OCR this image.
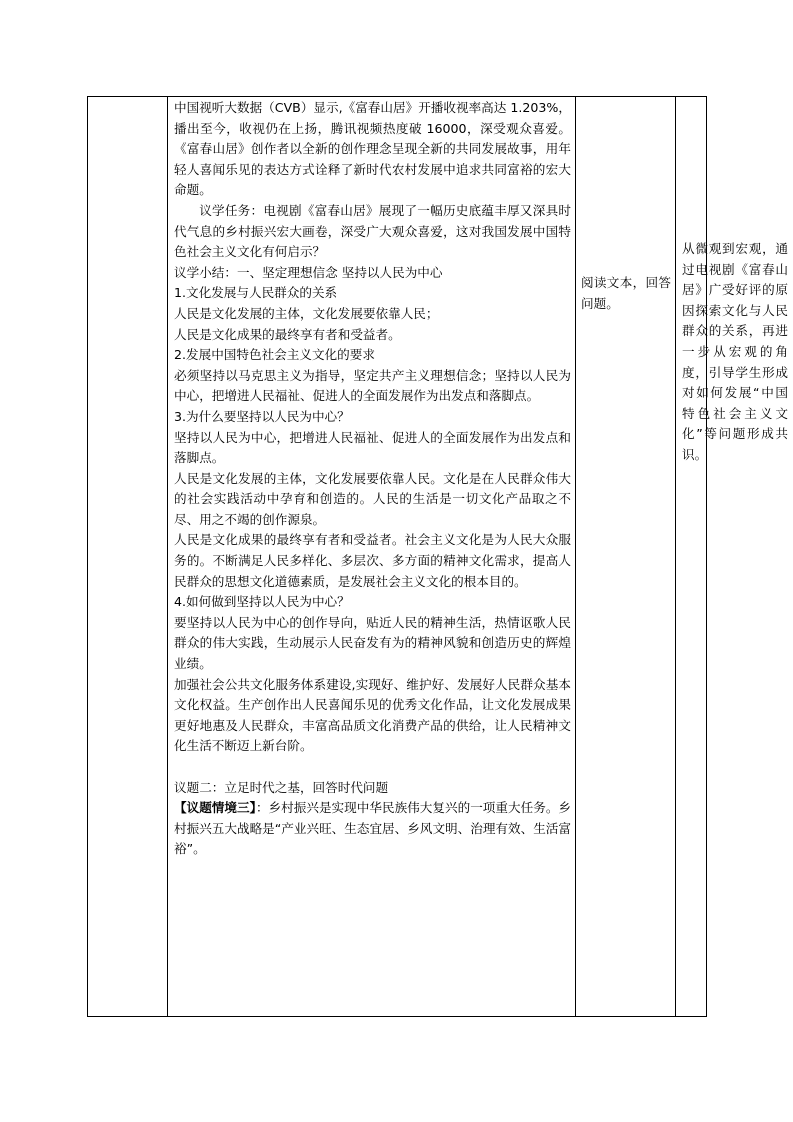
中国视听大数据（CVB）显示,《富春山居》开播收视率高达 1.203%，播出至今，收视仍在上扬，腾讯视频热度破 16000，深受观众喜爱。《富春山居》创作者以全新的创作理念呈现全新的共同发展故事，用年轻人喜闻乐见的表达方式诠释了新时代农村发展中追求共同富裕的宏大命题。

议学任务：电视剧《富春山居》展现了一幅历史底蕴丰厚又深具时代气息的乡村振兴宏大画卷，深受广大观众喜爱，这对我国发展中国特色社会主义文化有何启示？

议学小结：一、坚定理想信念 坚持以人民为中心

1.文化发展与人民群众的关系

人民是文化发展的主体，文化发展要依靠人民；

人民是文化成果的最终享有者和受益者。

2.发展中国特色社会主义文化的要求

必须坚持以马克思主义为指导，坚定共产主义理想信念；坚持以人民为中心，把增进人民福祉、促进人的全面发展作为出发点和落脚点。

3.为什么要坚持以人民为中心？

坚持以人民为中心，把增进人民福祉、促进人的全面发展作为出发点和落脚点。

人民是文化发展的主体，文化发展要依靠人民。文化是在人民群众伟大的社会实践活动中孕育和创造的。人民的生活是一切文化产品取之不尽、用之不竭的创作源泉。

人民是文化成果的最终享有者和受益者。社会主义文化是为人民大众服务的。不断满足人民多样化、多层次、多方面的精神文化需求，提高人民群众的思想文化道德素质，是发展社会主义文化的根本目的。

4.如何做到坚持以人民为中心？

要坚持以人民为中心的创作导向，贴近人民的精神生活，热情讴歌人民群众的伟大实践，生动展示人民奋发有为的精神风貌和创造历史的辉煌业绩。

加强社会公共文化服务体系建设,实现好、维护好、发展好人民群众基本文化权益。生产创作出人民喜闻乐见的优秀文化作品，让文化发展成果更好地惠及人民群众，丰富高品质文化消费产品的供给，让人民精神文化生活不断迈上新台阶。

议题二：立足时代之基，回答时代问题

【议题情境三】：乡村振兴是实现中华民族伟大复兴的一项重大任务。乡村振兴五大战略是“产业兴旺、生态宜居、乡风文明、治理有效、生活富裕”。

阅读文本，回答问题。

从微观到宏观，通过电视剧《富春山居》广受好评的原因探索文化与人民群众的关系，再进一步从宏观的角度，引导学生形成对如何发展“中国特色社会主义文化”等问题形成共识。
